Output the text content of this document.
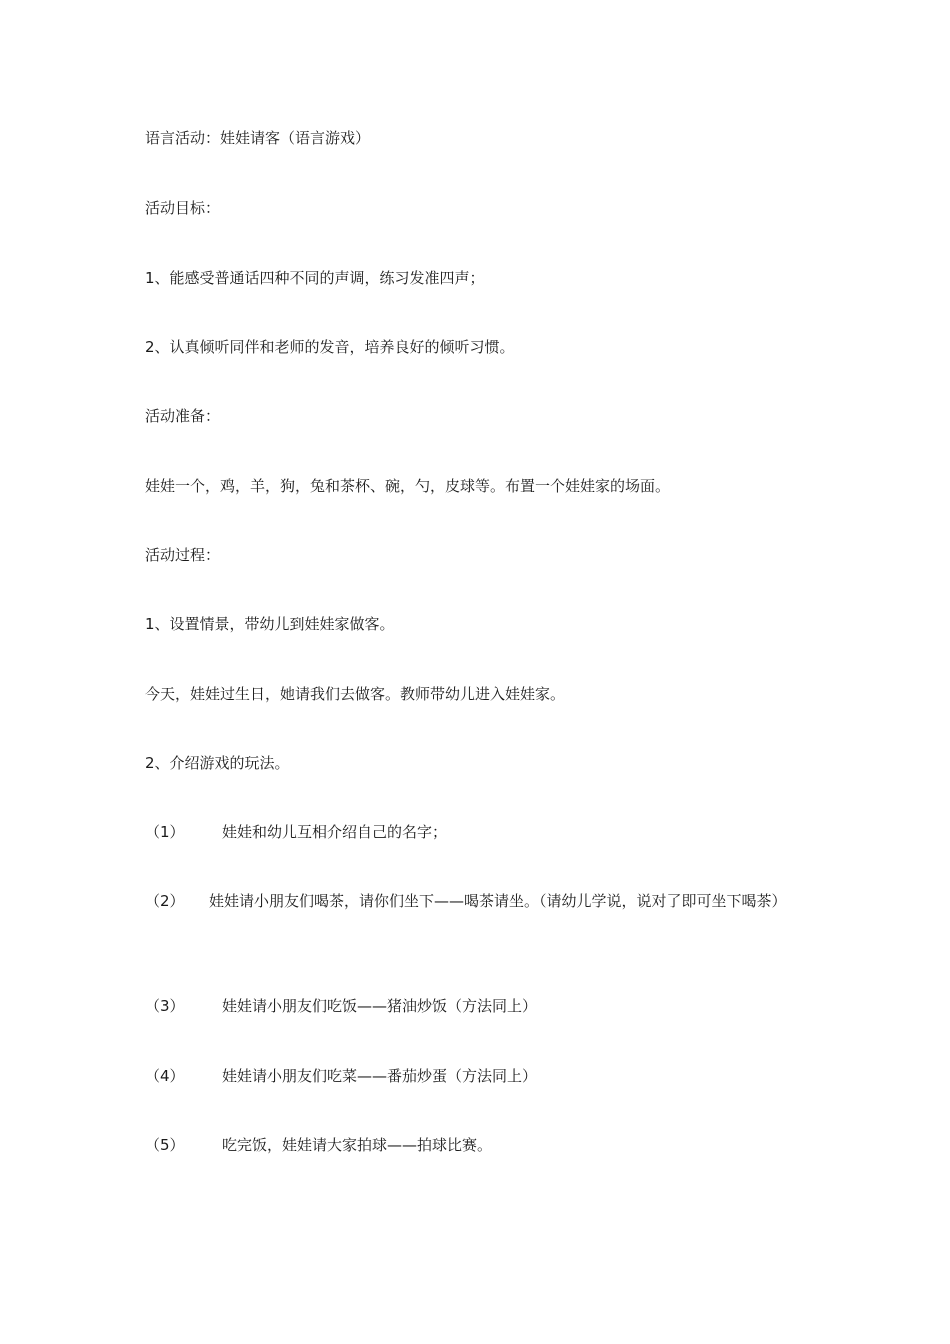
语言活动：娃娃请客（语言游戏）
活动目标：
1、能感受普通话四种不同的声调，练习发准四声；
2、认真倾听同伴和老师的发音，培养良好的倾听习惯。
活动准备：
娃娃一个，鸡，羊，狗，兔和茶杯、碗，勺，皮球等。布置一个娃娃家的场面。
活动过程：
1、设置情景，带幼儿到娃娃家做客。
今天，娃娃过生日，她请我们去做客。教师带幼儿进入娃娃家。
2、介绍游戏的玩法。
（1） 娃娃和幼儿互相介绍自己的名字；
（2） 娃娃请小朋友们喝茶，请你们坐下——喝茶请坐。（请幼儿学说，说对了即可坐下喝茶）
（3） 娃娃请小朋友们吃饭——猪油炒饭（方法同上）
（4） 娃娃请小朋友们吃菜——番茄炒蛋（方法同上）
（5） 吃完饭，娃娃请大家拍球——拍球比赛。
